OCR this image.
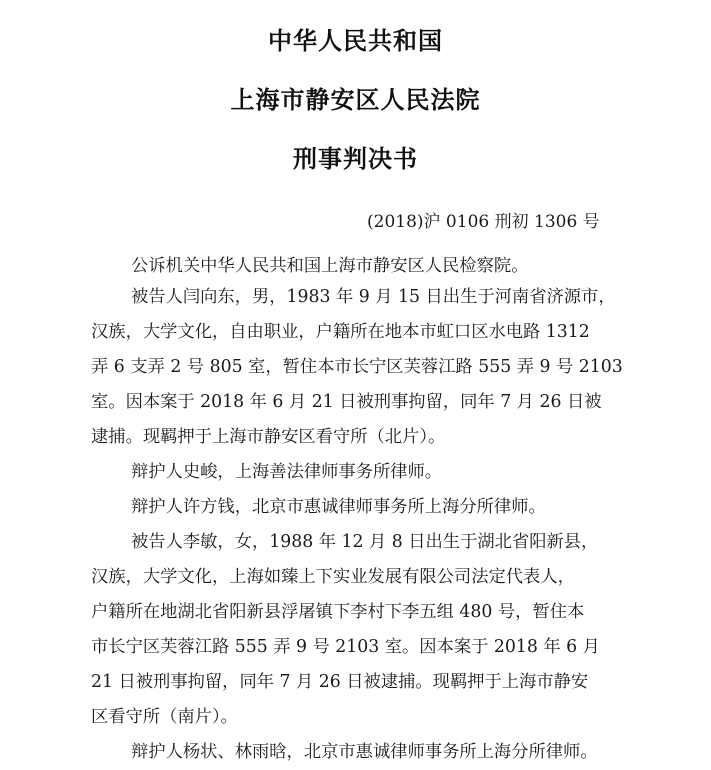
中华人民共和国
上海市静安区人民法院
刑事判决书
(2018)沪 0106 刑初 1306 号
公诉机关中华人民共和国上海市静安区人民检察院。
被告人闫向东，男，1983 年 9 月 15 日出生于河南省济源市，
汉族，大学文化，自由职业，户籍所在地本市虹口区水电路 1312
弄 6 支弄 2 号 805 室，暂住本市长宁区芙蓉江路 555 弄 9 号 2103
室。因本案于 2018 年 6 月 21 日被刑事拘留，同年 7 月 26 日被
逮捕。现羁押于上海市静安区看守所（北片）。
辩护人史峻，上海善法律师事务所律师。
辩护人许方钱，北京市惠诚律师事务所上海分所律师。
被告人李敏，女，1988 年 12 月 8 日出生于湖北省阳新县，
汉族，大学文化，上海如臻上下实业发展有限公司法定代表人，
户籍所在地湖北省阳新县浮屠镇下李村下李五组 480 号，暂住本
市长宁区芙蓉江路 555 弄 9 号 2103 室。因本案于 2018 年 6 月
21 日被刑事拘留，同年 7 月 26 日被逮捕。现羁押于上海市静安
区看守所（南片）。
辩护人杨状、林雨晗，北京市惠诚律师事务所上海分所律师。
